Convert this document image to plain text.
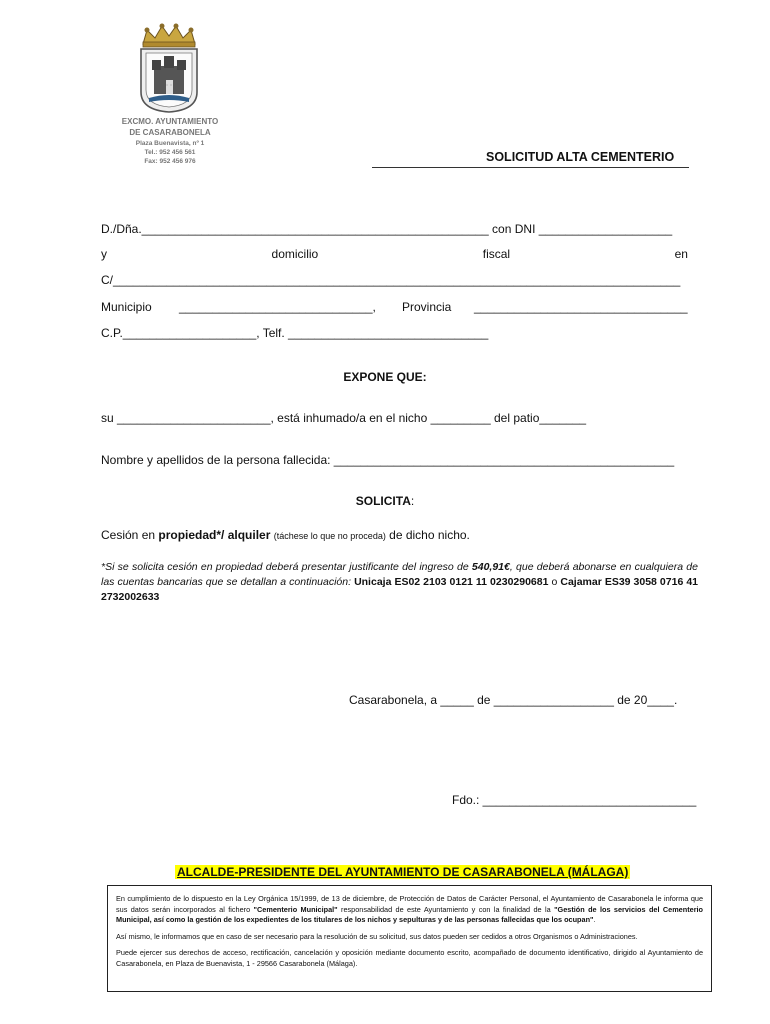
▪ ▪
EXCMO. AYUNTAMIENTO
DE CASARABONELA
Plaza Buenavista, nº 1
Tel.: 952 456 561
Fax: 952 456 976	SOLICITUD ALTA CEMENTERIO
D./Dña.____________________________________________________ con DNI ____________________
y	domicilio	fiscal	en
C/_____________________________________________________________________________________
Municipio _____________________________, Provincia ________________________________
C.P.____________________, Telf. ______________________________
EXPONE QUE:
su _______________________, está inhumado/a en el nicho _________ del patio_______
Nombre y apellidos de la persona fallecida: ___________________________________________________
SOLICITA:
Cesión en propiedad*/ alquiler (táchese lo que no proceda) de dicho nicho.
*Si se solicita cesión en propiedad deberá presentar justificante del ingreso de 540,91€, que deberá abonarse en cualquiera de las cuentas bancarias que se detallan a continuación: Unicaja ES02 2103 0121 11 0230290681 o Cajamar ES39 3058 0716 41 2732002633
Casarabonela, a _____ de __________________ de 20____.
Fdo.: ________________________________
ALCALDE-PRESIDENTE DEL AYUNTAMIENTO DE CASARABONELA (MÁLAGA)

En cumplimiento de lo dispuesto en la Ley Orgánica 15/1999, de 13 de diciembre, de Protección de Datos de Carácter Personal, el Ayuntamiento de Casarabonela le informa que sus datos serán incorporados al fichero "Cementerio Municipal" responsabilidad de este Ayuntamiento y con la finalidad de la "Gestión de los servicios del Cementerio Municipal, así como la gestión de los expedientes de los titulares de los nichos y sepulturas y de las personas fallecidas que los ocupan".

Así mismo, le informamos que en caso de ser necesario para la resolución de su solicitud, sus datos pueden ser cedidos a otros Organismos o Administraciones.

Puede ejercer sus derechos de acceso, rectificación, cancelación y oposición mediante documento escrito, acompañado de documento identificativo, dirigido al Ayuntamiento de Casarabonela, en Plaza de Buenavista, 1 - 29566 Casarabonela (Málaga).
